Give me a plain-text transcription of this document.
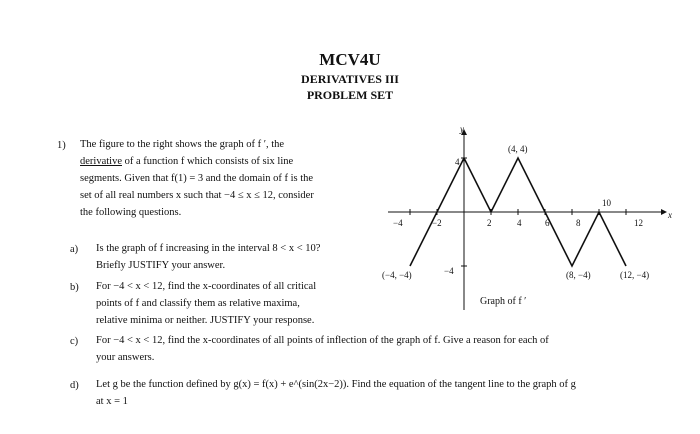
MCV4U
DERIVATIVES III
PROBLEM SET
1) The figure to the right shows the graph of f ′, the
derivative of a function f which consists of six line
segments. Given that f(1) = 3 and the domain of f is the
set of all real numbers x such that −4 ≤ x ≤ 12, consider
the following questions.
a) Is the graph of f increasing in the interval 8 < x < 10?
Briefly JUSTIFY your answer.
b) For −4 < x < 12, find the x-coordinates of all critical
points of f and classify them as relative maxima,
relative minima or neither. JUSTIFY your response.
c) For −4 < x < 12, find the x-coordinates of all points of inflection of the graph of f. Give a reason for each of
your answers.
d) Let g be the function defined by g(x) = f(x) + e^(sin(2x−2)). Find the equation of the tangent line to the graph of g
at x = 1
x
y
−4	−2	2	4	6	8
10
12
4
−4
(4, 4)
(−4, −4)	(8, −4)	(12, −4)
Graph of f ′
